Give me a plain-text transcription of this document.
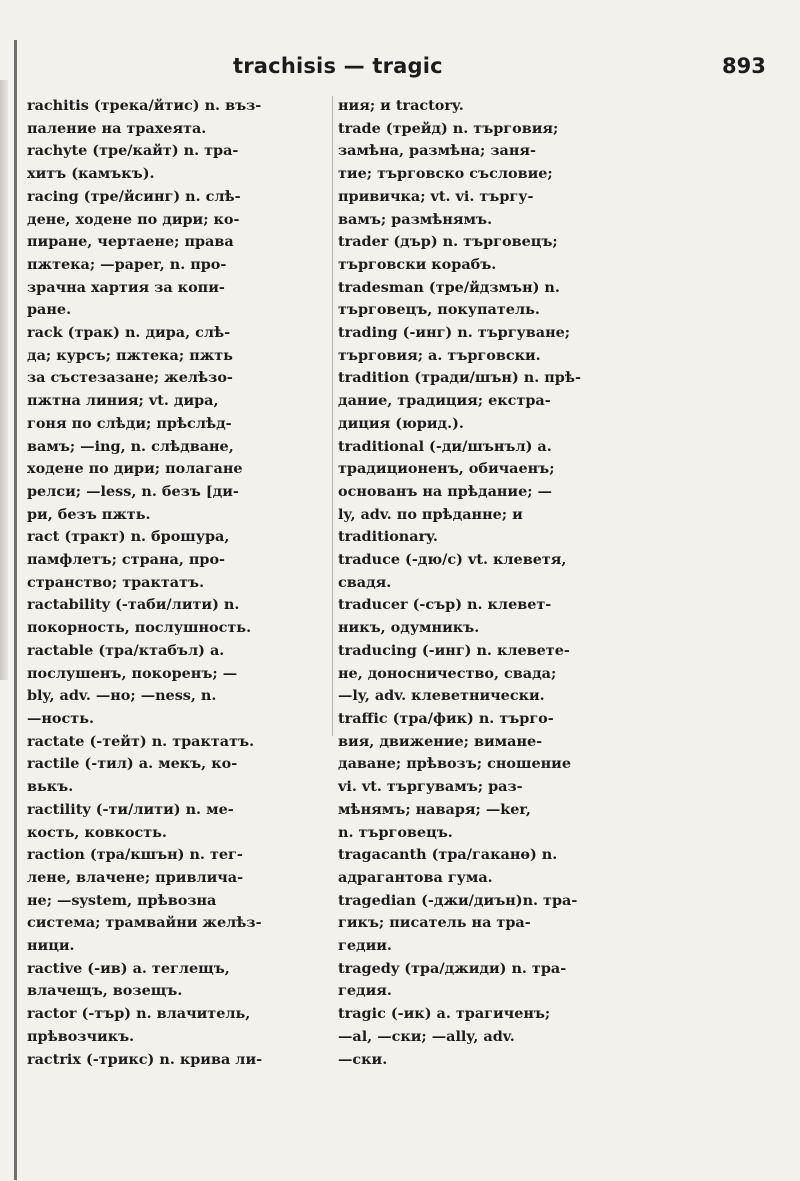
trachisis — tragic	893
rachitis (трека/йтис) n. въз-
паление на трахеята.
rachyte (тре/кайт) n. тра-
хитъ (камъкъ).
racing (тре/йсинг) n. слѣ-
дене, ходене по дири; ко-
пиране, чертаене; права
пжтека; —paper, n. про-
зрачна хартия за копи-
ране.
rack (трак) n. дира, слѣ-
да; курсъ; пжтека; пжть
за състезазане; желѣзо-
пжтна линия; vt. дира,
гоня по слѣди; прѣслѣд-
вамъ; —ing, n. слѣдване,
ходене по дири; полагане
релси; —less, n. безъ [ди-
ри, безъ пжть.
ract (тракт) n. брошура,
памфлетъ; страна, про-
странство; трактатъ.
ractability (-таби/лити) n.
покорность, послушность.
ractable (тра/ктабъл) a.
послушенъ, покоренъ; —
bly, adv. —но; —ness, n.
—ность.
ractate (-тейт) n. трактатъ.
ractile (-тил) a. мекъ, ко-
вькъ.
ractility (-ти/лити) n. ме-
кость, ковкость.
raction (тра/кшън) n. тег-
лене, влачене; привличa-
не; —system, прѣвозна
система; трамвайни желѣз-
ници.
ractive (-ив) a. теглещъ,
влачещъ, возещъ.
ractor (-тър) n. влачитель,
прѣвозчикъ.
ractrix (-трикс) n. крива ли-
ния; и tractory.
trade (трейд) n. търговия;
замѣна, размѣна; заня-
тие; търговско съсловие;
привичка; vt. vi. търгу-
вамъ; размѣнямъ.
trader (дър) n. търговецъ;
търговски корабъ.
tradesman (тре/йдзмън) n.
търговецъ, покупатель.
trading (-инг) n. търгуване;
търговия; a. търговски.
tradition (тради/шън) n. прѣ-
дание, традиция; екстра-
диция (юрид.).
traditional (-ди/шънъл) a.
традиционенъ, обичаенъ;
основанъ на прѣдание; —
ly, adv. по прѣданне; и
traditionary.
traduce (-дю/с) vt. клеветя,
свадя.
traducer (-сър) n. клевет-
никъ, одумникъ.
traducing (-инг) n. клевете-
не, доносничество, свада;
—ly, adv. клеветнически.
traffic (тра/фик) n. търго-
вия, движение; вимане-
даване; прѣвозъ; сношение
vi. vt. търгувамъ; раз-
мѣнямъ; наваря; —ker,
n. търговецъ.
tragacanth (тра/гаканө) n.
адрагантова гума.
tragedian (-джи/диън)n. тра-
гикъ; писатель на тра-
гедии.
tragedy (тра/джиди) n. тра-
гедия.
tragic (-ик) a. трагиченъ;
—al, —ски; —ally, adv.
—ски.
